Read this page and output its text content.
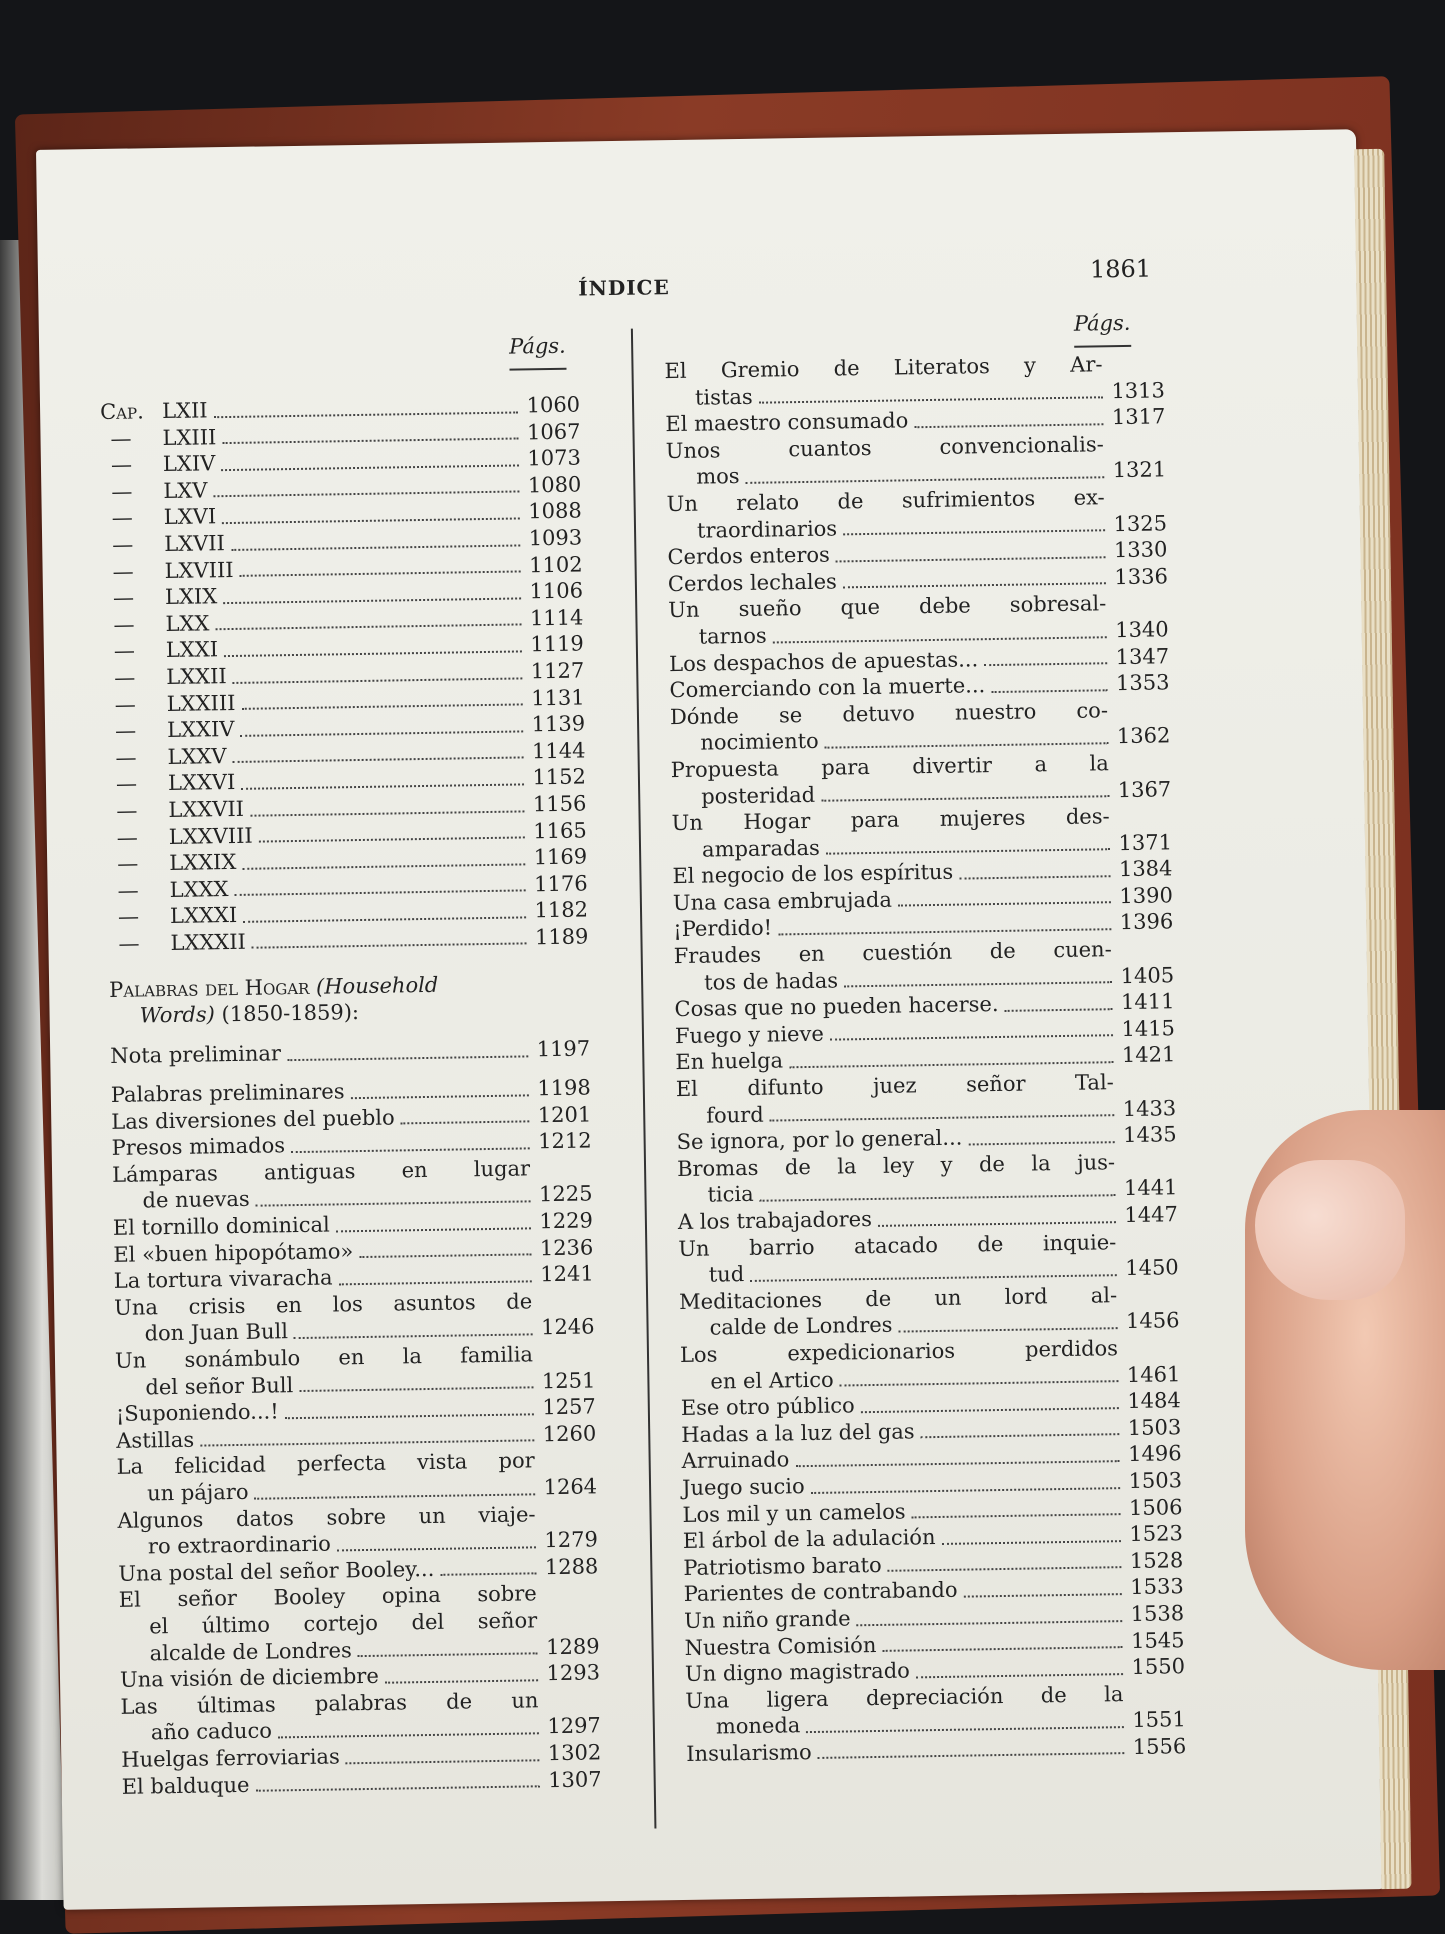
ÍNDICE
1861
Págs.
Págs.
Cap. LXII	1060
— LXIII	1067
— LXIV	1073
— LXV	1080
— LXVI	1088
— LXVII	1093
— LXVIII	1102
— LXIX	1106
— LXX	1114
— LXXI	1119
— LXXII	1127
— LXXIII	1131
— LXXIV	1139
— LXXV	1144
— LXXVI	1152
— LXXVII	1156
— LXXVIII	1165
— LXXIX	1169
— LXXX	1176
— LXXXI	1182
— LXXXII	1189
Palabras del Hogar (Household
Words) (1850-1859):
Nota preliminar	1197
Palabras preliminares	1198
Las diversiones del pueblo	1201
Presos mimados	1212
Lámparas antiguas en lugar
de nuevas	1225
El tornillo dominical	1229
El «buen hipopótamo»	1236
La tortura vivaracha	1241
Una crisis en los asuntos de
don Juan Bull	1246
Un sonámbulo en la familia
del señor Bull	1251
¡Suponiendo...!	1257
Astillas	1260
La felicidad perfecta vista por
un pájaro	1264
Algunos datos sobre un viaje-
ro extraordinario	1279
Una postal del señor Booley...	1288
El señor Booley opina sobre
el último cortejo del señor
alcalde de Londres	1289
Una visión de diciembre	1293
Las últimas palabras de un
año caduco	1297
Huelgas ferroviarias	1302
El balduque	1307
El Gremio de Literatos y Ar-
tistas	1313
El maestro consumado	1317
Unos cuantos convencionalis-
mos	1321
Un relato de sufrimientos ex-
traordinarios	1325
Cerdos enteros	1330
Cerdos lechales	1336
Un sueño que debe sobresal-
tarnos	1340
Los despachos de apuestas...	1347
Comerciando con la muerte...	1353
Dónde se detuvo nuestro co-
nocimiento	1362
Propuesta para divertir a la
posteridad	1367
Un Hogar para mujeres des-
amparadas	1371
El negocio de los espíritus	1384
Una casa embrujada	1390
¡Perdido!	1396
Fraudes en cuestión de cuen-
tos de hadas	1405
Cosas que no pueden hacerse.	1411
Fuego y nieve	1415
En huelga	1421
El difunto juez señor Tal-
fourd	1433
Se ignora, por lo general...	1435
Bromas de la ley y de la jus-
ticia	1441
A los trabajadores	1447
Un barrio atacado de inquie-
tud	1450
Meditaciones de un lord al-
calde de Londres	1456
Los expedicionarios perdidos
en el Artico	1461
Ese otro público	1484
Hadas a la luz del gas	1503
Arruinado	1496
Juego sucio	1503
Los mil y un camelos	1506
El árbol de la adulación	1523
Patriotismo barato	1528
Parientes de contrabando	1533
Un niño grande	1538
Nuestra Comisión	1545
Un digno magistrado	1550
Una ligera depreciación de la
moneda	1551
Insularismo	1556
